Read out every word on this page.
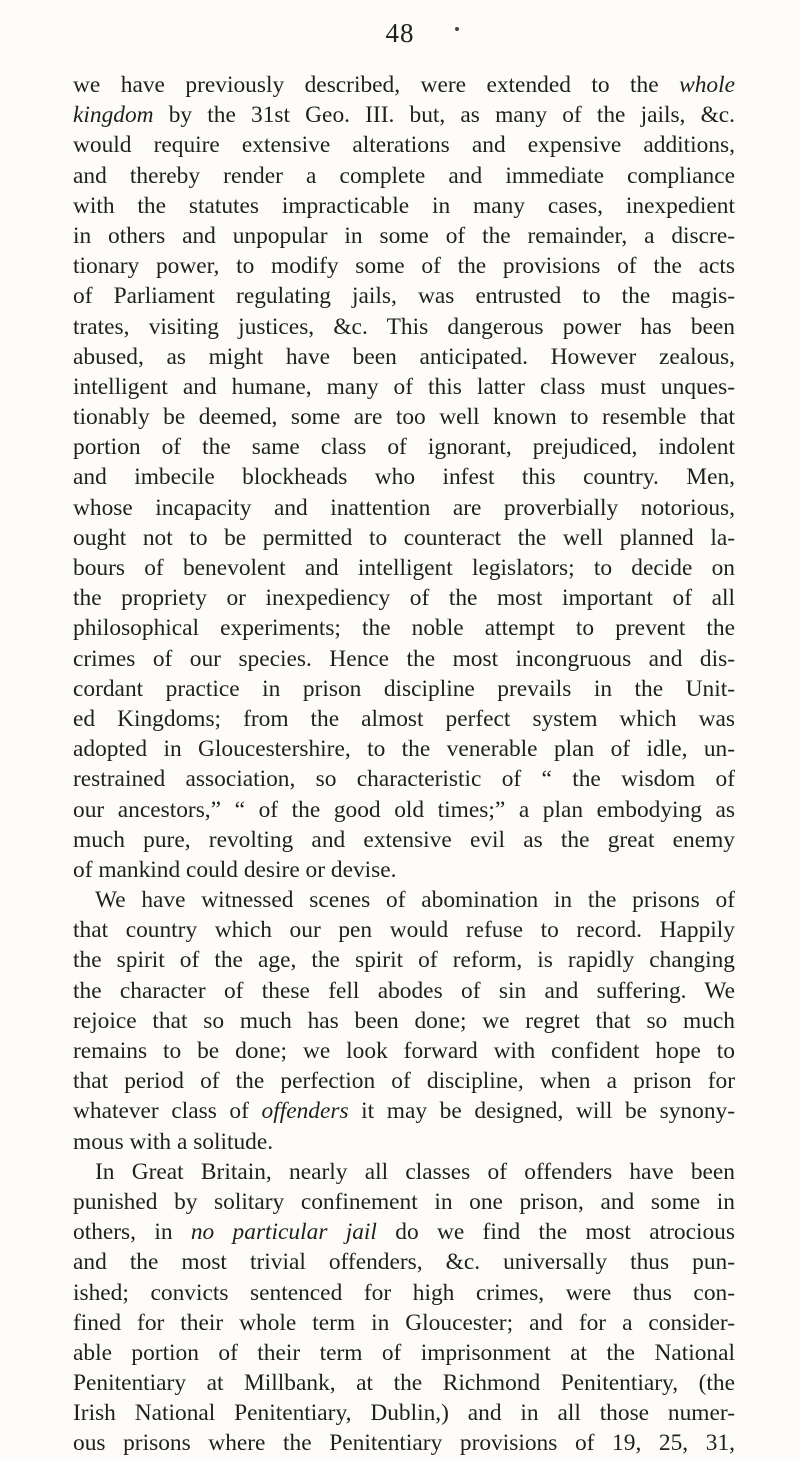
48
we have previously described, were extended to the whole
kingdom by the 31st Geo. III. but, as many of the jails, &c.
would require extensive alterations and expensive additions,
and thereby render a complete and immediate compliance
with the statutes impracticable in many cases, inexpedient
in others and unpopular in some of the remainder, a discre-
tionary power, to modify some of the provisions of the acts
of Parliament regulating jails, was entrusted to the magis-
trates, visiting justices, &c. This dangerous power has been
abused, as might have been anticipated. However zealous,
intelligent and humane, many of this latter class must unques-
tionably be deemed, some are too well known to resemble that
portion of the same class of ignorant, prejudiced, indolent
and imbecile blockheads who infest this country. Men,
whose incapacity and inattention are proverbially notorious,
ought not to be permitted to counteract the well planned la-
bours of benevolent and intelligent legislators; to decide on
the propriety or inexpediency of the most important of all
philosophical experiments; the noble attempt to prevent the
crimes of our species. Hence the most incongruous and dis-
cordant practice in prison discipline prevails in the Unit-
ed Kingdoms; from the almost perfect system which was
adopted in Gloucestershire, to the venerable plan of idle, un-
restrained association, so characteristic of “ the wisdom of
our ancestors,” “ of the good old times;” a plan embodying as
much pure, revolting and extensive evil as the great enemy
of mankind could desire or devise.
We have witnessed scenes of abomination in the prisons of
that country which our pen would refuse to record. Happily
the spirit of the age, the spirit of reform, is rapidly changing
the character of these fell abodes of sin and suffering. We
rejoice that so much has been done; we regret that so much
remains to be done; we look forward with confident hope to
that period of the perfection of discipline, when a prison for
whatever class of offenders it may be designed, will be synony-
mous with a solitude.
In Great Britain, nearly all classes of offenders have been
punished by solitary confinement in one prison, and some in
others, in no particular jail do we find the most atrocious
and the most trivial offenders, &c. universally thus pun-
ished; convicts sentenced for high crimes, were thus con-
fined for their whole term in Gloucester; and for a consider-
able portion of their term of imprisonment at the National
Penitentiary at Millbank, at the Richmond Penitentiary, (the
Irish National Penitentiary, Dublin,) and in all those numer-
ous prisons where the Penitentiary provisions of 19, 25, 31,
